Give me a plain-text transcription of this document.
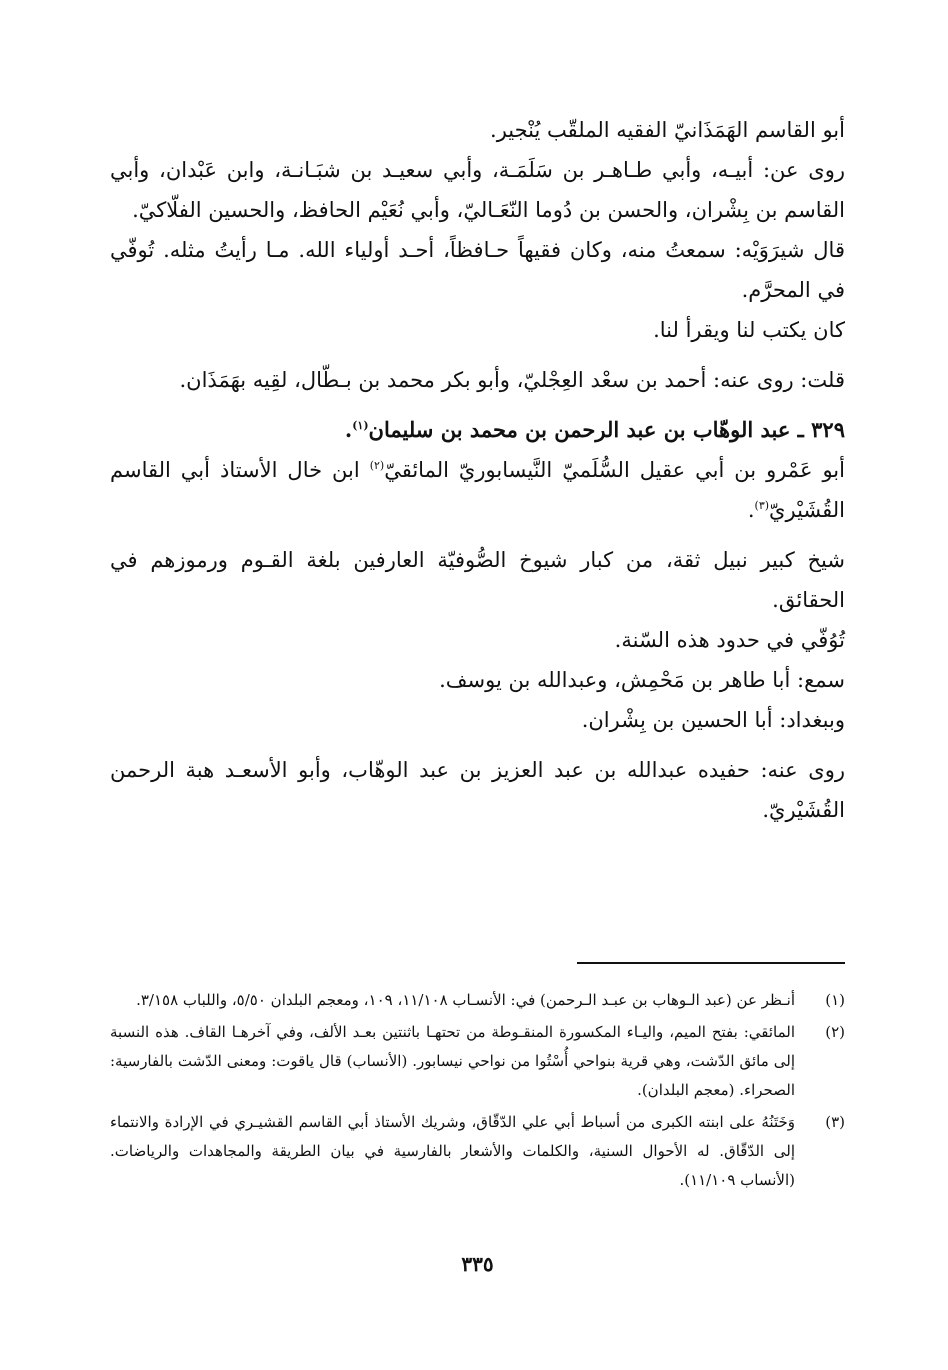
أبو القاسم الهَمَذَانيّ الفقيه الملقّب يُنْجير.

روى عن: أبيـه، وأبي طـاهـر بن سَلَمَـة، وأبي سعيـد بن شبَـانـة، وابن عَبْدان، وأبي القاسم بن بِشْران، والحسن بن دُوما النّعَـاليّ، وأبي نُعَيْم الحافظ، والحسين الفلّاكيّ.

قال شيرَوَيْه: سمعتُ منه، وكان فقيهاً حـافظاً، أحـد أولياء الله. مـا رأيتُ مثله. تُوفّي في المحرَّم.

كان يكتب لنا ويقرأ لنا.

قلت: روى عنه: أحمد بن سعْد العِجْليّ، وأبو بكر محمد بن بـطّال، لقِيه بهَمَذَان.

٣٢٩ ـ عبد الوهّاب بن عبد الرحمن بن محمد بن سليمان$^{(١)}$.

أبو عَمْرو بن أبي عقيل السُّلَميّ النَّيسابوريّ المائقيّ$^{(٢)}$ ابن خال الأستاذ أبي القاسم القُشَيْريّ$^{(٣)}$.

شيخ كبير نبيل ثقة، من كبار شيوخ الصُّوفيّة العارفين بلغة القـوم ورموزهم في الحقائق.

تُوُفّي في حدود هذه السّنة.

سمع: أبا طاهر بن مَحْمِش، وعبدالله بن يوسف.

وببغداد: أبا الحسين بن بِشْران.

روى عنه: حفيده عبدالله بن عبد العزيز بن عبد الوهّاب، وأبو الأسعـد هبة الرحمن القُشَيْريّ.

(١)
أنـظر عن (عبد الـوهاب بن عبـد الـرحمن) في: الأنسـاب ١١/١٠٨، ١٠٩، ومعجم البلدان ٥/٥٠، واللباب ٣/١٥٨.
(٢)
المائقي: بفتح الميم، واليـاء المكسورة المنقـوطة من تحتهـا باثنتين بعـد الألف، وفي آخرهـا القاف. هذه النسبة إلى مائق الدّشت، وهي قرية بنواحي أُسْتُوا من نواحي نيسابور. (الأنساب) قال ياقوت: ومعنى الدّشت بالفارسية: الصحراء. (معجم البلدان).
(٣)
وَخَتَنُهُ على ابنته الكبرى من أسباط أبي علي الدّقّاق، وشريك الأستاذ أبي القاسم القشيـري في الإرادة والانتماء إلى الدّقّاق. له الأحوال السنية، والكلمات والأشعار بالفارسية في بيان الطريقة والمجاهدات والرياضات. (الأنساب ١١/١٠٩).
٣٣٥
